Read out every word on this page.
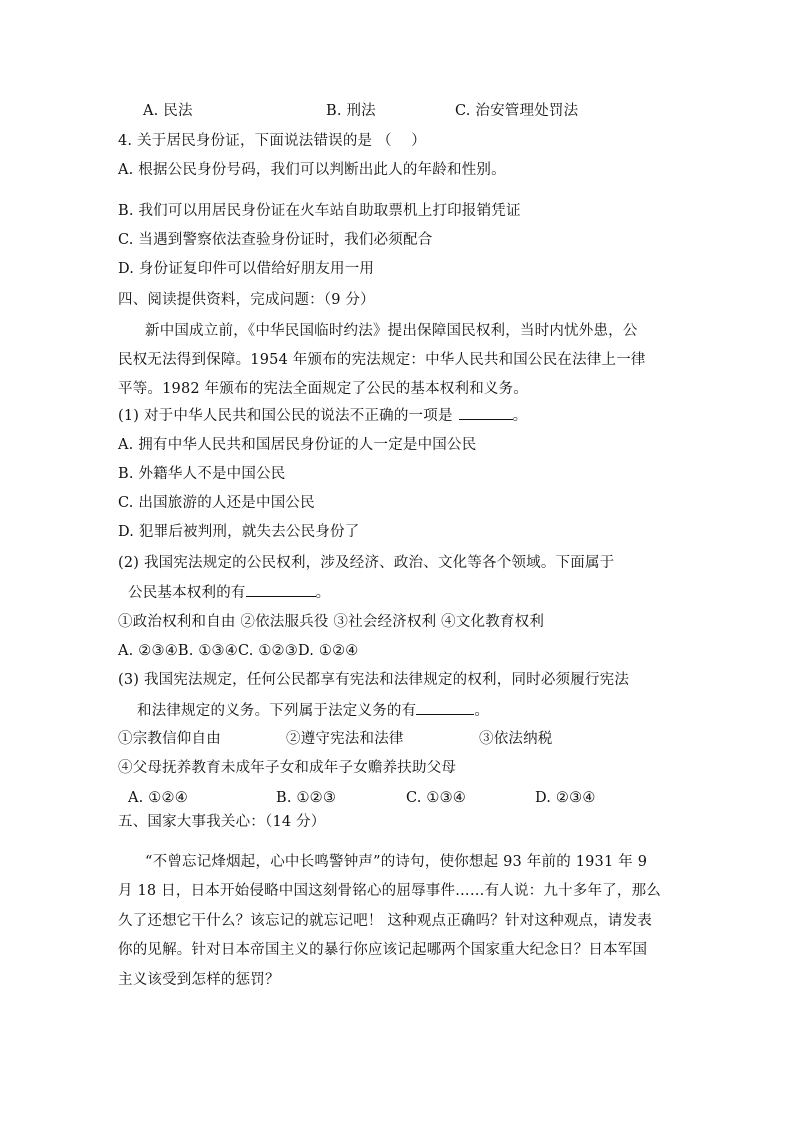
A. 民法	B. 刑法	C. 治安管理处罚法
4. 关于居民身份证，下面说法错误的是 （　 ）
A. 根据公民身份号码，我们可以判断出此人的年龄和性别。
B. 我们可以用居民身份证在火车站自助取票机上打印报销凭证
C. 当遇到警察依法查验身份证时，我们必须配合
D. 身份证复印件可以借给好朋友用一用
四、阅读提供资料，完成问题：（9 分）
新中国成立前，《中华民国临时约法》提出保障国民权利，当时内忧外患，公
民权无法得到保障。1954 年颁布的宪法规定：中华人民共和国公民在法律上一律
平等。1982 年颁布的宪法全面规定了公民的基本权利和义务。
(1) 对于中华人民共和国公民的说法不正确的一项是	。
A. 拥有中华人民共和国居民身份证的人一定是中国公民
B. 外籍华人不是中国公民
C. 出国旅游的人还是中国公民
D. 犯罪后被判刑，就失去公民身份了
(2) 我国宪法规定的公民权利，涉及经济、政治、文化等各个领域。下面属于
公民基本权利的有	。
①政治权利和自由 ②依法服兵役 ③社会经济权利 ④文化教育权利
A. ②③④B. ①③④C. ①②③D. ①②④
(3) 我国宪法规定，任何公民都享有宪法和法律规定的权利，同时必须履行宪法
和法律规定的义务。下列属于法定义务的有	。
①宗教信仰自由	②遵守宪法和法律	③依法纳税
④父母抚养教育未成年子女和成年子女赡养扶助父母
A. ①②④	B. ①②③	C. ①③④	D. ②③④
五、国家大事我关心：（14 分）
“不曾忘记烽烟起，心中长鸣警钟声”的诗句，使你想起 93 年前的 1931 年 9
月 18 日，日本开始侵略中国这刻骨铭心的屈辱事件……有人说：九十多年了，那么
久了还想它干什么？该忘记的就忘记吧！ 这种观点正确吗？针对这种观点，请发表
你的见解。针对日本帝国主义的暴行你应该记起哪两个国家重大纪念日？日本军国
主义该受到怎样的惩罚？
